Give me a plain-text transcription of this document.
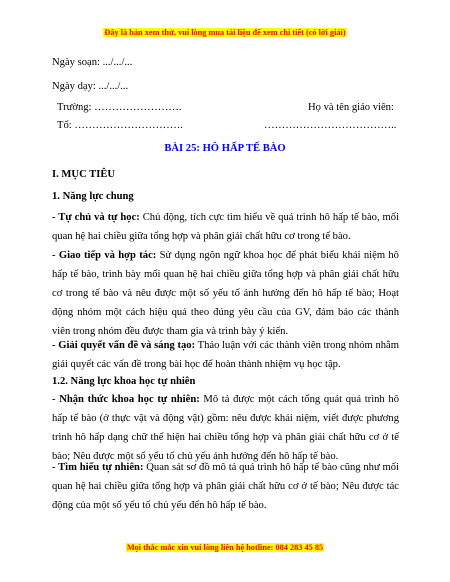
Đây là bản xem thử, vui lòng mua tài liệu để xem chi tiết (có lời giải)
Ngày soạn: .../.../...
Ngày dạy: .../.../...
Trường: …………………….	Họ và tên giáo viên:
Tổ: ………………………….	………………………………..
BÀI 25: HÔ HẤP TẾ BÀO
I. MỤC TIÊU
1. Năng lực chung
- Tự chủ và tự học: Chủ động, tích cực tìm hiểu về quá trình hô hấp tế bào, mối quan hệ hai chiều giữa tổng hợp và phân giải chất hữu cơ trong tế bào.
- Giao tiếp và hợp tác: Sử dụng ngôn ngữ khoa học để phát biểu khái niệm hô hấp tế bào, trình bày mối quan hệ hai chiều giữa tổng hợp và phân giải chất hữu cơ trong tế bào và nêu được một số yếu tố ảnh hưởng đến hô hấp tế bào; Hoạt động nhóm một cách hiệu quả theo đúng yêu cầu của GV, đảm bảo các thành viên trong nhóm đều được tham gia và trình bày ý kiến.
- Giải quyết vấn đề và sáng tạo: Thảo luận với các thành viên trong nhóm nhằm giải quyết các vấn đề trong bài học để hoàn thành nhiệm vụ học tập.
1.2. Năng lực khoa học tự nhiên
- Nhận thức khoa học tự nhiên: Mô tả được một cách tổng quát quá trình hô hấp tế bào (ở thực vật và động vật) gồm: nêu được khái niệm, viết được phương trình hô hấp dạng chữ thể hiện hai chiều tổng hợp và phân giải chất hữu cơ ở tế bào; Nêu được một số yếu tố chủ yếu ảnh hưởng đến hô hấp tế bào.
- Tìm hiểu tự nhiên: Quan sát sơ đồ mô tả quá trình hô hấp tế bào cũng như mối quan hệ hai chiều giữa tổng hợp và phân giải chất hữu cơ ở tế bào; Nêu được tác động của một số yếu tố chủ yếu đến hô hấp tế bào.
Mọi thắc mắc xin vui lòng liên hệ hotline: 084 283 45 85
